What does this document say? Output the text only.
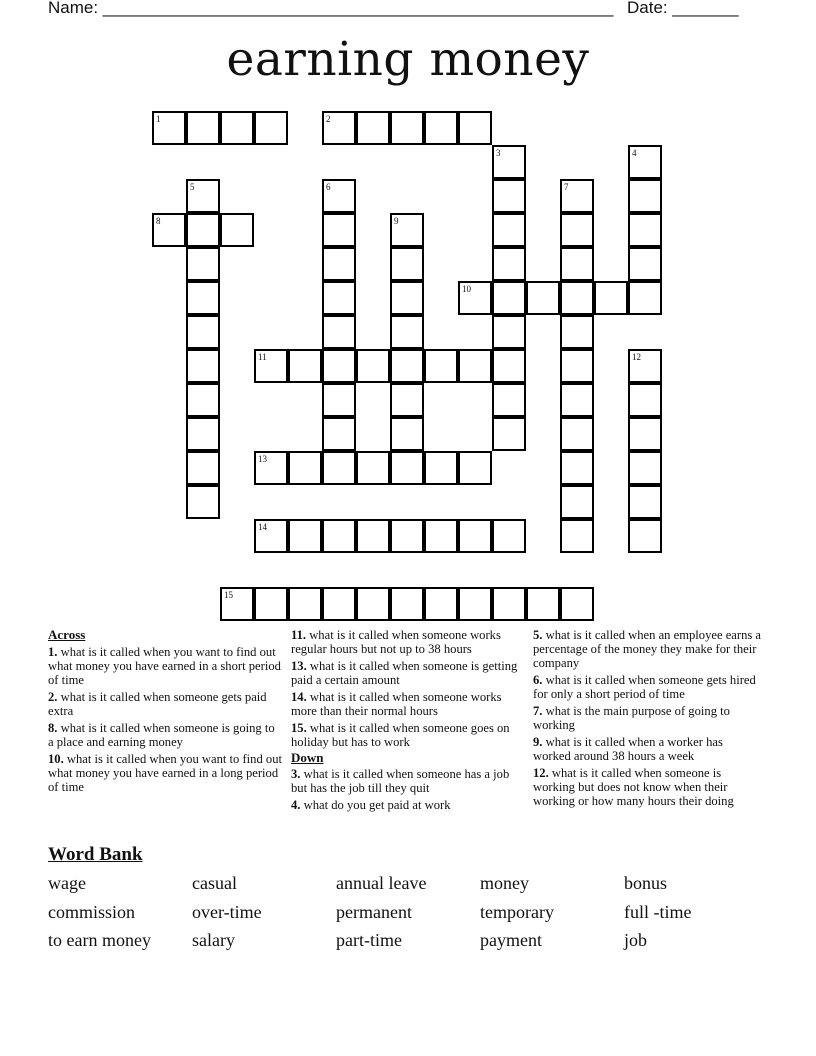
Name: ______________________________________________________ Date: _______
earning money
1	2
3	4
5	6	7
8	9
10
11	12
13
14
15
Across
1. what is it called when you want to find out what money you have earned in a short period of time
2. what is it called when someone gets paid extra
8. what is it called when someone is going to a place and earning money
10. what is it called when you want to find out what money you have earned in a long period of time
11. what is it called when someone works regular hours but not up to 38 hours
13. what is it called when someone is getting paid a certain amount
14. what is it called when someone works more than their normal hours
15. what is it called when someone goes on holiday but has to work
Down
3. what is it called when someone has a job but has the job till they quit
4. what do you get paid at work
5. what is it called when an employee earns a percentage of the money they make for their company
6. what is it called when someone gets hired for only a short period of time
7. what is the main purpose of going to working
9. what is it called when a worker has worked around 38 hours a week
12. what is it called when someone is working but does not know when their working or how many hours their doing
Word Bank
wage	casual	annual leave	money	bonus
commission	over-time	permanent	temporary	full -time
to earn money	salary	part-time	payment	job
